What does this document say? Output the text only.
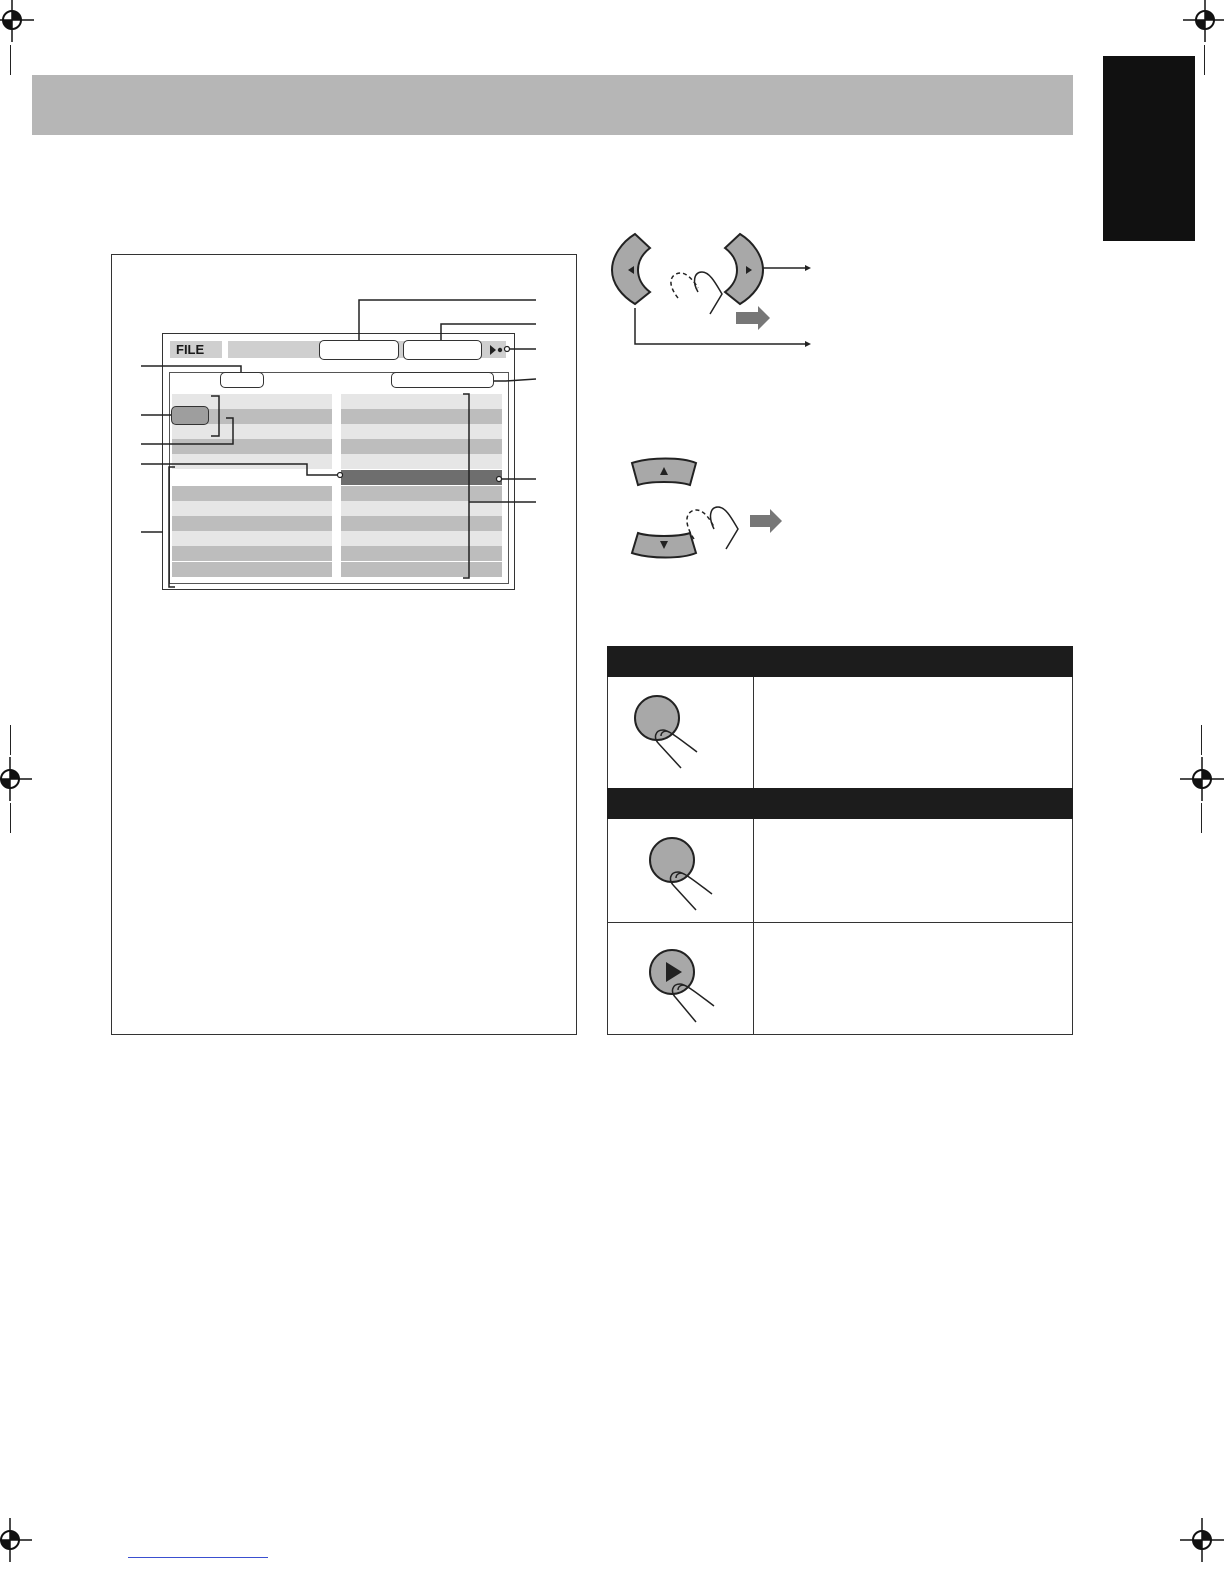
FILE
